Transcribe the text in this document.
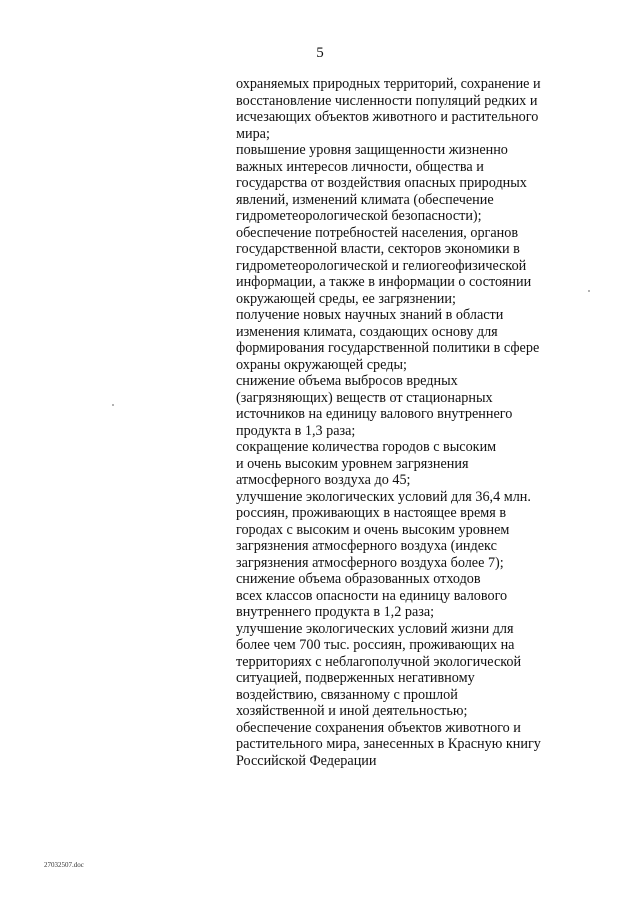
5
охраняемых природных территорий, сохранение и
восстановление численности популяций редких и
исчезающих объектов животного и растительного
мира;
повышение уровня защищенности жизненно
важных интересов личности, общества и
государства от воздействия опасных природных
явлений, изменений климата (обеспечение
гидрометеорологической безопасности);
обеспечение потребностей населения, органов
государственной власти, секторов экономики в
гидрометеорологической и гелиогеофизической
информации, а также в информации о состоянии
окружающей среды, ее загрязнении;
получение новых научных знаний в области
изменения климата, создающих основу для
формирования государственной политики в сфере
охраны окружающей среды;
снижение объема выбросов вредных
(загрязняющих) веществ от стационарных
источников на единицу валового внутреннего
продукта в 1,3 раза;
сокращение количества городов с высоким
и очень высоким уровнем загрязнения
атмосферного воздуха до 45;
улучшение экологических условий для 36,4 млн.
россиян, проживающих в настоящее время в
городах с высоким и очень высоким уровнем
загрязнения атмосферного воздуха (индекс
загрязнения атмосферного воздуха более 7);
снижение объема образованных отходов
всех классов опасности на единицу валового
внутреннего продукта в 1,2 раза;
улучшение экологических условий жизни для
более чем 700 тыс. россиян, проживающих на
территориях с неблагополучной экологической
ситуацией, подверженных негативному
воздействию, связанному с прошлой
хозяйственной и иной деятельностью;
обеспечение сохранения объектов животного и
растительного мира, занесенных в Красную книгу
Российской Федерации
27032507.doc
